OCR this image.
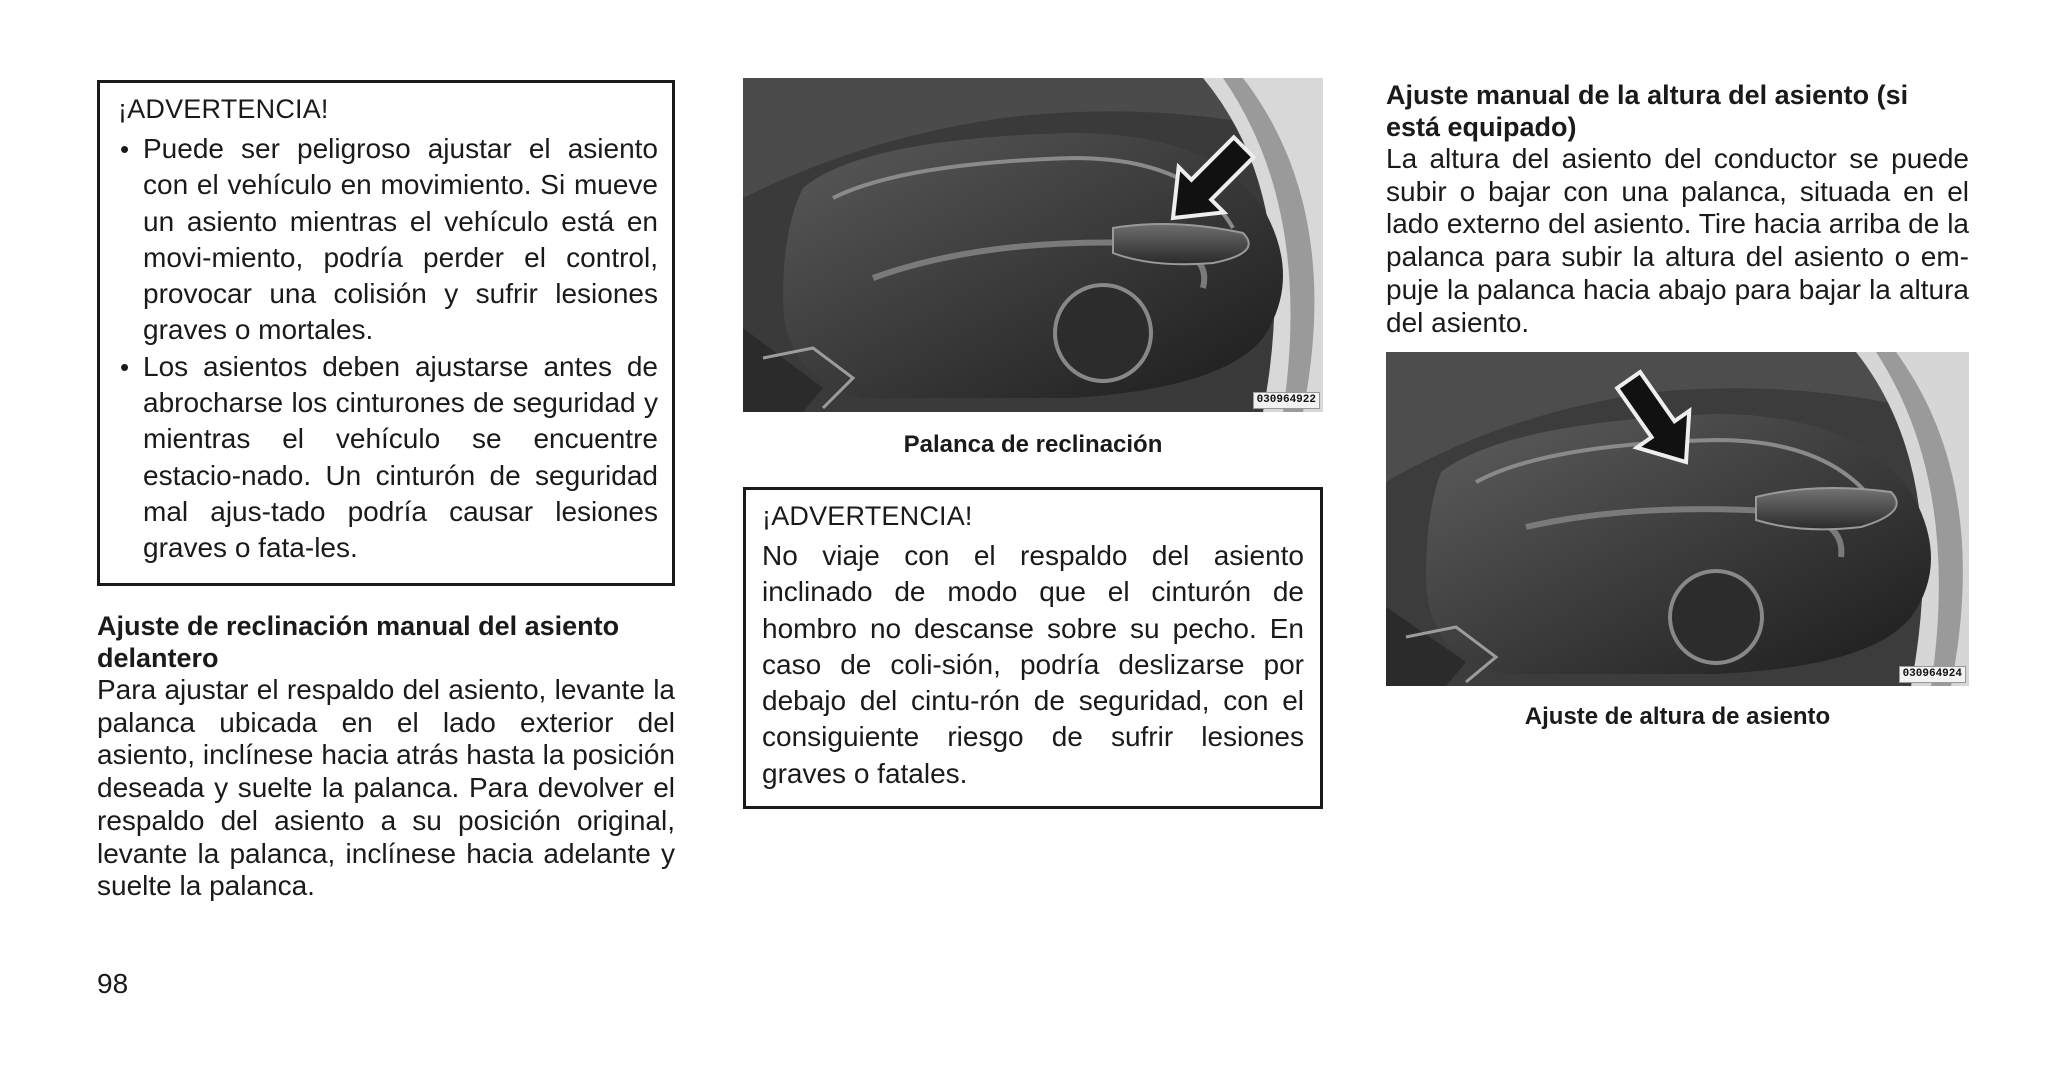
¡ADVERTENCIA!
• Puede ser peligroso ajustar el asiento con el vehículo en movimiento. Si mueve un asiento mientras el vehículo está en movi-miento, podría perder el control, provocar una colisión y sufrir lesiones graves o mortales.
• Los asientos deben ajustarse antes de abrocharse los cinturones de seguridad y mientras el vehículo se encuentre estacio-nado. Un cinturón de seguridad mal ajus-tado podría causar lesiones graves o fata-les.
Ajuste de reclinación manual del asiento delantero

Para ajustar el respaldo del asiento, levante la palanca ubicada en el lado exterior del asiento, inclínese hacia atrás hasta la posición deseada y suelte la palanca. Para devolver el respaldo del asiento a su posición original, levante la palanca, inclínese hacia adelante y suelte la palanca.

030964922
Palanca de reclinación
¡ADVERTENCIA!

No viaje con el respaldo del asiento inclinado de modo que el cinturón de hombro no descanse sobre su pecho. En caso de coli-sión, podría deslizarse por debajo del cintu-rón de seguridad, con el consiguiente riesgo de sufrir lesiones graves o fatales.

Ajuste manual de la altura del asiento (si está equipado)

La altura del asiento del conductor se puede subir o bajar con una palanca, situada en el lado externo del asiento. Tire hacia arriba de la palanca para subir la altura del asiento o em-puje la palanca hacia abajo para bajar la altura del asiento.

030964924
Ajuste de altura de asiento
98
